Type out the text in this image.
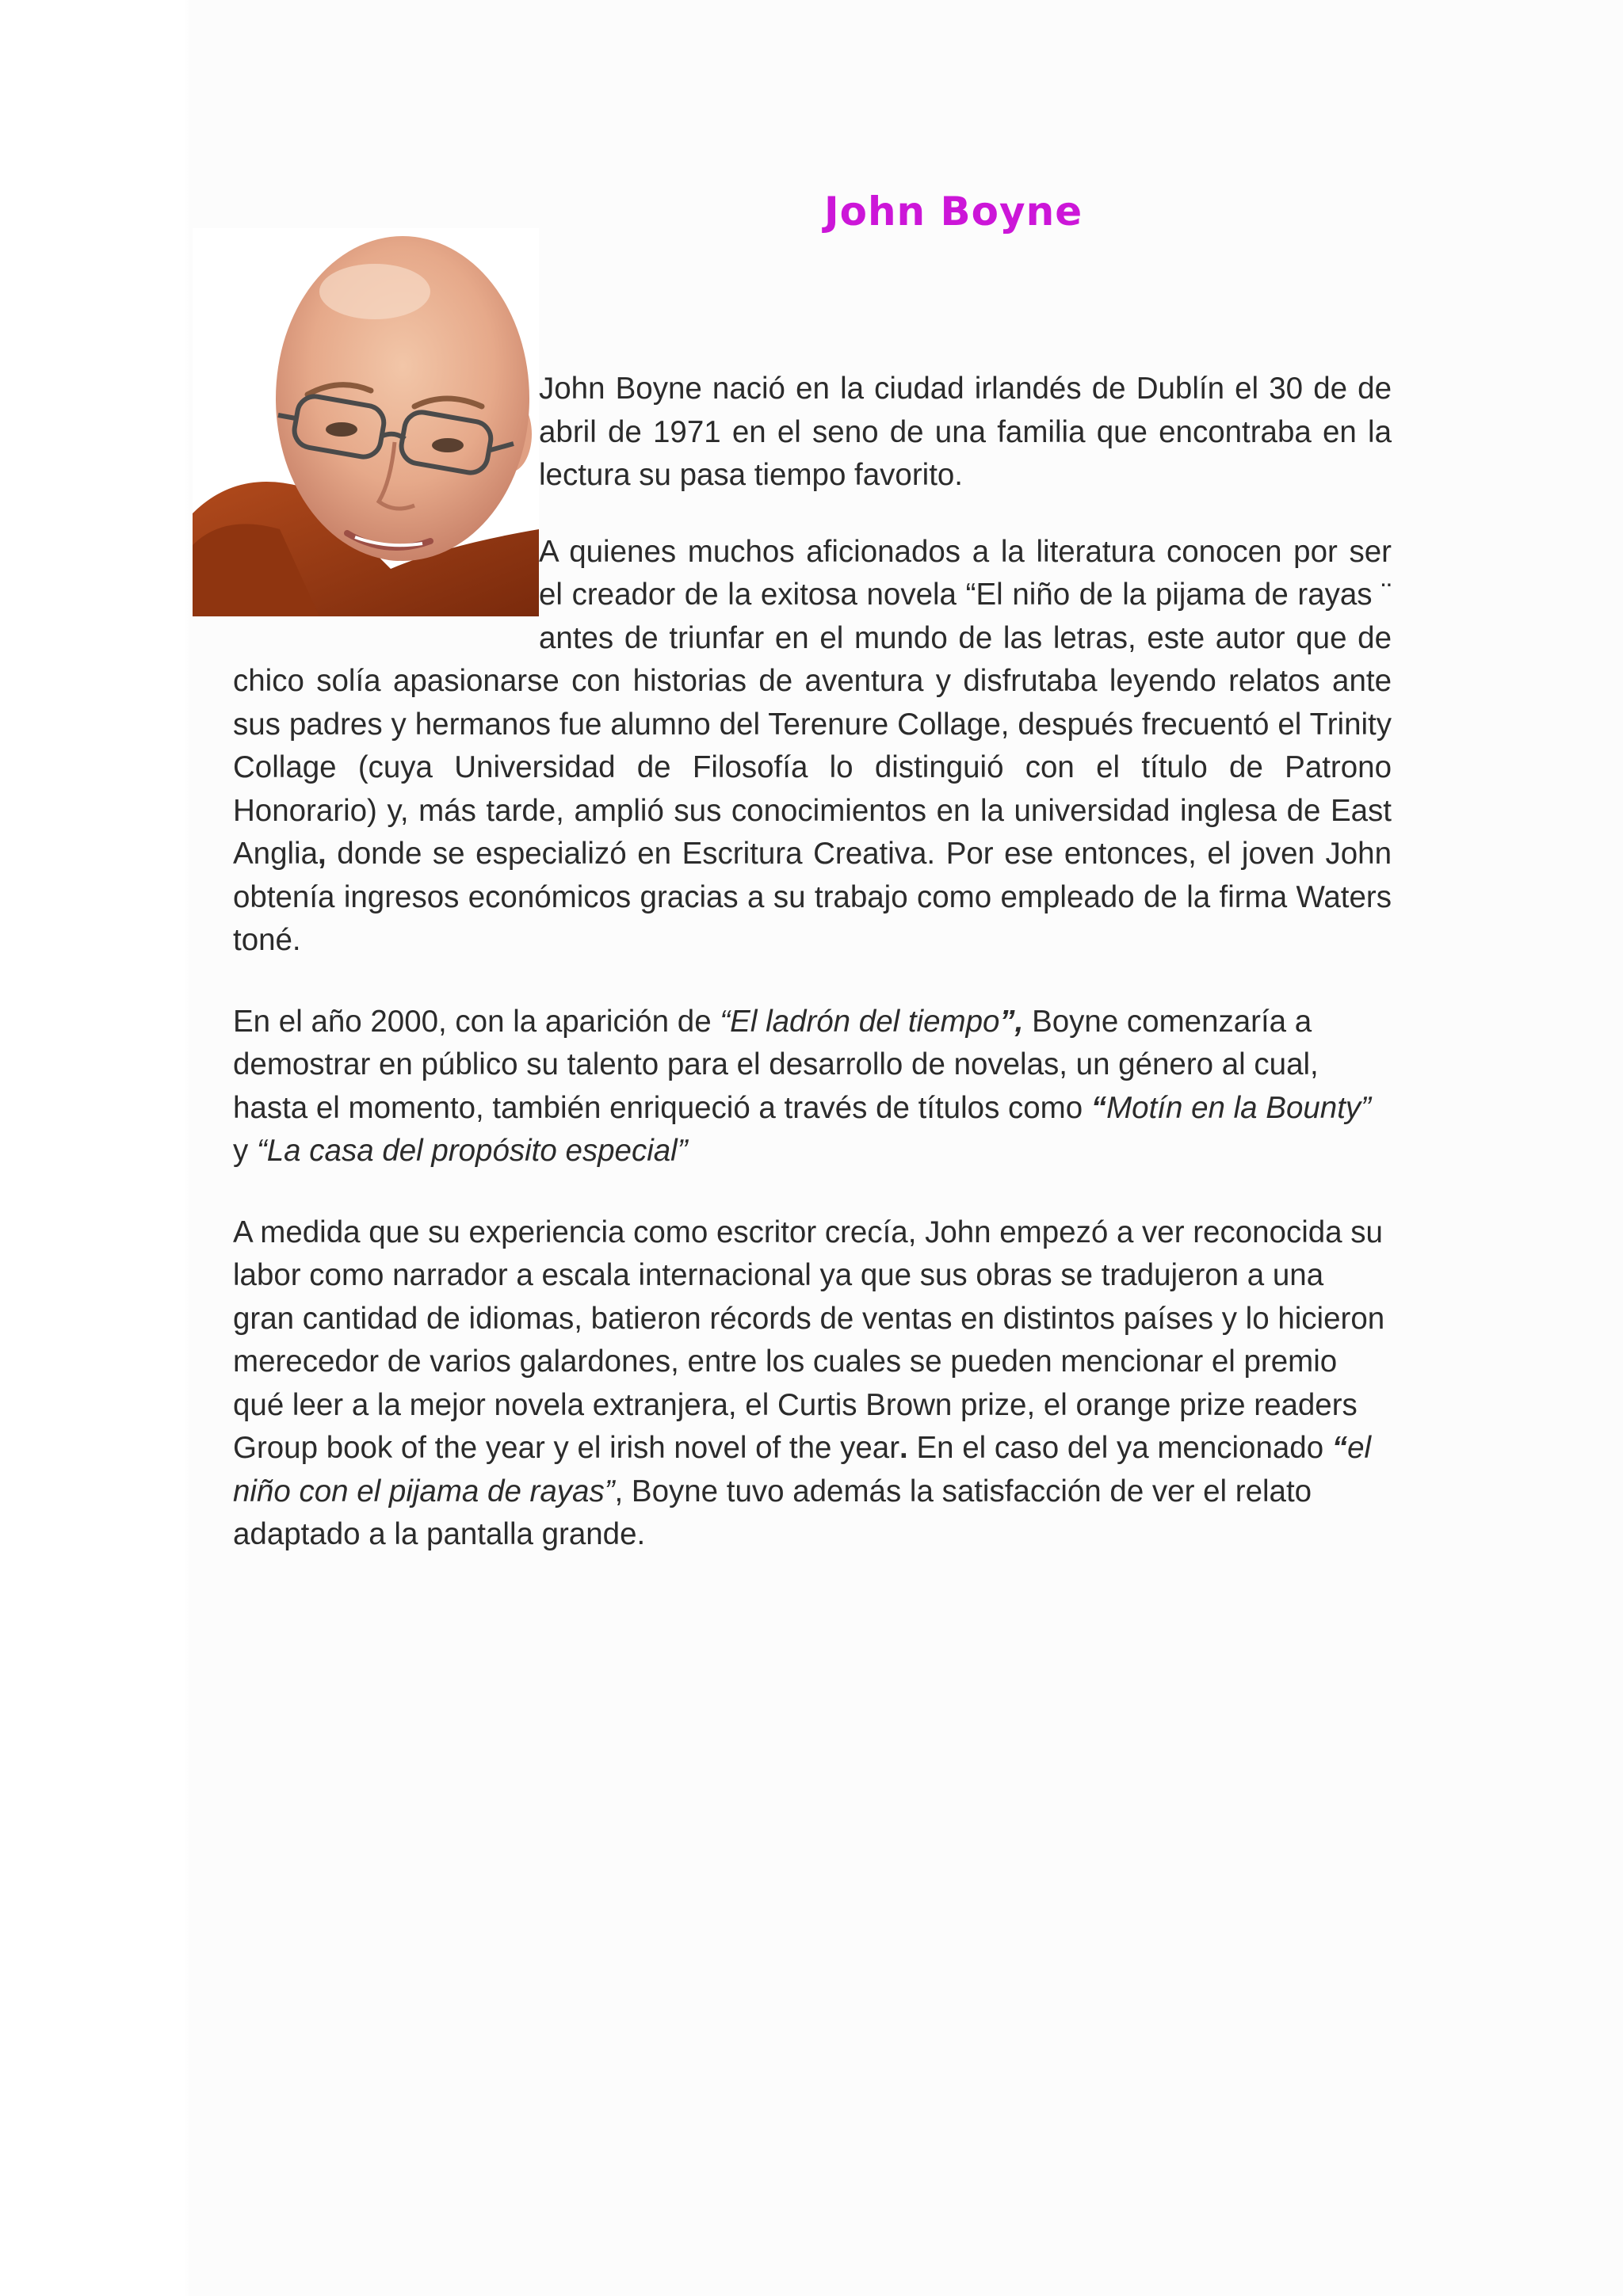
John Boyne

John Boyne nació en la ciudad irlandés de Dublín el 30 de de abril de 1971 en el seno de una familia que encontraba en la lectura su pasa tiempo favorito.

A quienes muchos aficionados a la literatura conocen por ser el creador de la exitosa novela “El niño de la pijama de rayas ¨ antes de triunfar en el mundo de las letras, este autor que de chico solía apasionarse con historias de aventura y disfrutaba leyendo relatos ante sus padres y hermanos fue alumno del Terenure Collage, después frecuentó el Trinity Collage (cuya Universidad de Filosofía lo distinguió con el título de Patrono Honorario) y, más tarde, amplió sus conocimientos en la universidad inglesa de East Anglia, donde se especializó en Escritura Creativa. Por ese entonces, el joven John obtenía ingresos económicos gracias a su trabajo como empleado de la firma Waters toné.

En el año 2000, con la aparición de “El ladrón del tiempo”, Boyne comenzaría a demostrar en público su talento para el desarrollo de novelas, un género al cual, hasta el momento, también enriqueció a través de títulos como “Motín en la Bounty” y “La casa del propósito especial”

A medida que su experiencia como escritor crecía, John empezó a ver reconocida su labor como narrador a escala internacional ya que sus obras se tradujeron a una gran cantidad de idiomas, batieron récords de ventas en distintos países y lo hicieron merecedor de varios galardones, entre los cuales se pueden mencionar el premio qué leer a la mejor novela extranjera, el Curtis Brown prize, el orange prize readers Group book of the year y el irish novel of the year. En el caso del ya mencionado “el niño con el pijama de rayas”, Boyne tuvo además la satisfacción de ver el relato adaptado a la pantalla grande.
